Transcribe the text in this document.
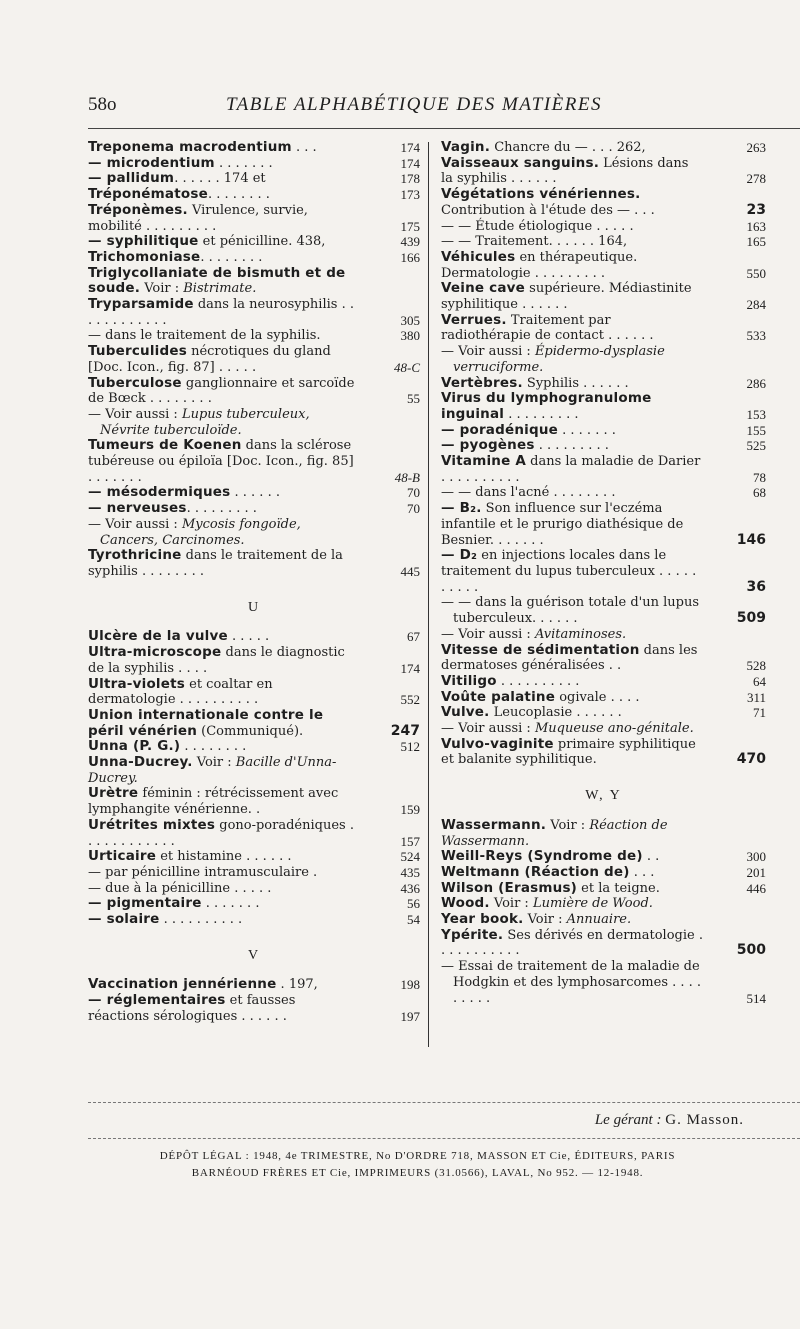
58o	TABLE ALPHABÉTIQUE DES MATIÈRES
Treponema macrodentium . . .	174
— microdentium . . . . . . .	174
— pallidum. . . . . . 174 et	178
Tréponématose. . . . . . . .	173
Tréponèmes. Virulence, survie, mobilité . . . . . . . . .	175
— syphilitique et pénicilline. 438,	439
Trichomoniase. . . . . . . .	166
Triglycollaniate de bismuth et de soude. Voir : Bistrimate.
Tryparsamide dans la neurosyphilis . . . . . . . . . . . .	305
— dans le traitement de la syphilis.	380
Tuberculides nécrotiques du gland [Doc. Icon., fig. 87] . . . . .	48-C
Tuberculose ganglionnaire et sarcoïde de Bœck . . . . . . . .	55
— Voir aussi : Lupus tuberculeux, Névrite tuberculoïde.
Tumeurs de Koenen dans la sclérose tubéreuse ou épiloïa [Doc. Icon., fig. 85] . . . . . . .	48-B
— mésodermiques . . . . . .	70
— nerveuses. . . . . . . . .	70
— Voir aussi : Mycosis fongoïde, Cancers, Carcinomes.
Tyrothricine dans le traitement de la syphilis . . . . . . . .	445
U
Ulcère de la vulve . . . . .	67
Ultra-microscope dans le diagnostic de la syphilis . . . .	174
Ultra-violets et coaltar en dermatologie . . . . . . . . . .	552
Union internationale contre le péril vénérien (Communiqué).	247
Unna (P. G.) . . . . . . . .	512
Unna-Ducrey. Voir : Bacille d'Unna-Ducrey.
Urètre féminin : rétrécissement avec lymphangite vénérienne. .	159
Urétrites mixtes gono-poradéniques . . . . . . . . . . . .	157
Urticaire et histamine . . . . . .	524
— par pénicilline intramusculaire .	435
— due à la pénicilline . . . . .	436
— pigmentaire . . . . . . .	56
— solaire . . . . . . . . . .	54
V
Vaccination jennérienne . 197,	198
— réglementaires et fausses réactions sérologiques . . . . . .	197
Vagin. Chancre du — . . . 262,	263
Vaisseaux sanguins. Lésions dans la syphilis . . . . . .	278
Végétations vénériennes. Contribution à l'étude des — . . .	23
— — Étude étiologique . . . . .	163
— — Traitement. . . . . . 164,	165
Véhicules en thérapeutique. Dermatologie . . . . . . . . .	550
Veine cave supérieure. Médiastinite syphilitique . . . . . .	284
Verrues. Traitement par radiothérapie de contact . . . . . .	533
— Voir aussi : Épidermo-dysplasie verruciforme.
Vertèbres. Syphilis . . . . . .	286
Virus du lymphogranulome inguinal . . . . . . . . .	153
— poradénique . . . . . . .	155
— pyogènes . . . . . . . . .	525
Vitamine A dans la maladie de Darier . . . . . . . . . .	78
— — dans l'acné . . . . . . . .	68
— B₂. Son influence sur l'eczéma infantile et le prurigo diathésique de Besnier. . . . . . .	146
— D₂ en injections locales dans le traitement du lupus tuberculeux . . . . . . . . . .	36
— — dans la guérison totale d'un lupus tuberculeux. . . . . .	509
— Voir aussi : Avitaminoses.
Vitesse de sédimentation dans les dermatoses généralisées . .	528
Vitiligo . . . . . . . . . .	64
Voûte palatine ogivale . . . .	311
Vulve. Leucoplasie . . . . . .	71
— Voir aussi : Muqueuse ano-génitale.
Vulvo-vaginite primaire syphilitique et balanite syphilitique.	470
W, Y
Wassermann. Voir : Réaction de Wassermann.
Weill-Reys (Syndrome de) . .	300
Weltmann (Réaction de) . . .	201
Wilson (Erasmus) et la teigne.	446
Wood. Voir : Lumière de Wood.
Year book. Voir : Annuaire.
Ypérite. Ses dérivés en dermatologie . . . . . . . . . . .	500
— Essai de traitement de la maladie de Hodgkin et des lymphosarcomes . . . . . . . . .	514
Le gérant : G. Masson.
DÉPÔT LÉGAL : 1948, 4e TRIMESTRE, No D'ORDRE 718, MASSON ET Cie, ÉDITEURS, PARIS
BARNÉOUD FRÈRES ET Cie, IMPRIMEURS (31.0566), LAVAL, No 952. — 12-1948.
